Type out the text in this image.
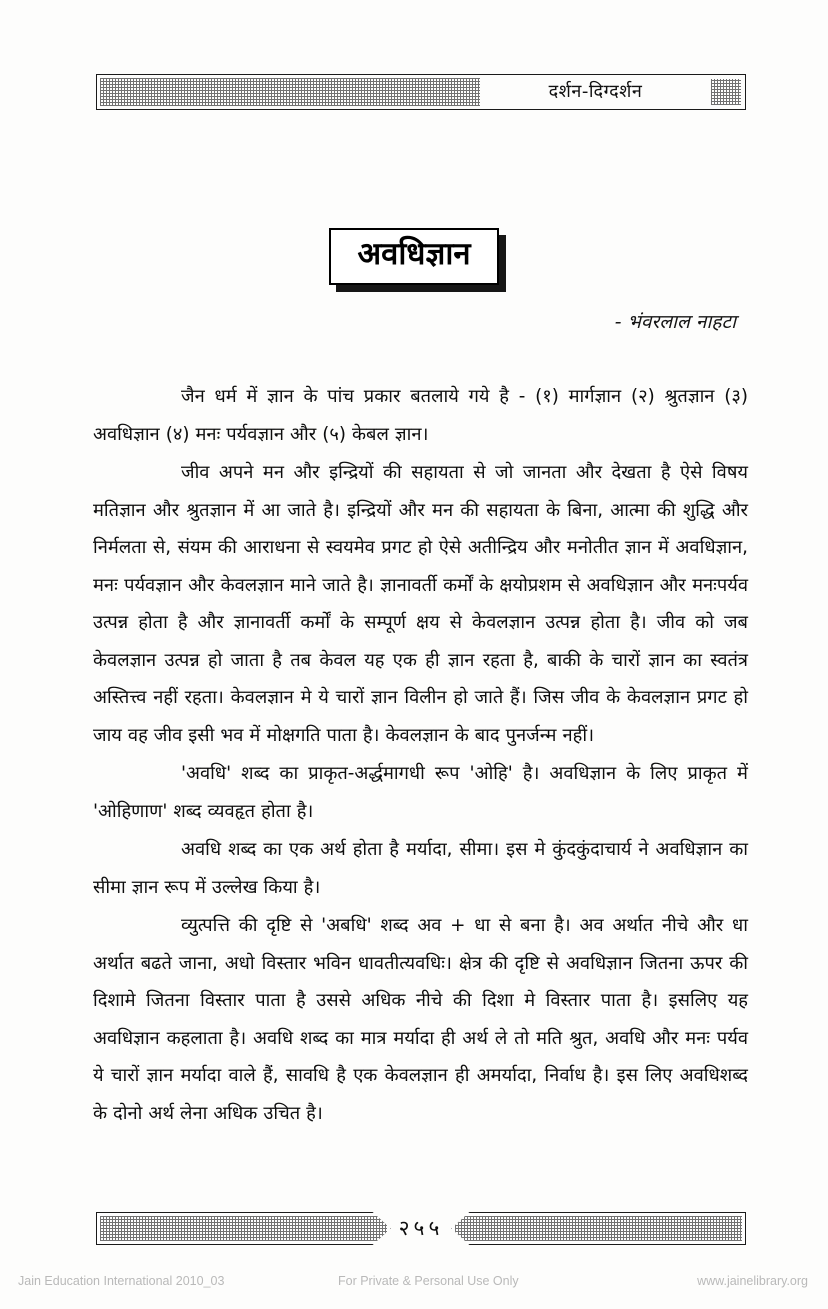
दर्शन-दिग्दर्शन
अवधिज्ञान
- भंवरलाल नाहटा

जैन धर्म में ज्ञान के पांच प्रकार बतलाये गये है - (१) मार्गज्ञान (२) श्रुतज्ञान (३) अवधिज्ञान (४) मनः पर्यवज्ञान और (५) केबल ज्ञान।

जीव अपने मन और इन्द्रियों की सहायता से जो जानता और देखता है ऐसे विषय मतिज्ञान और श्रुतज्ञान में आ जाते है। इन्द्रियों और मन की सहायता के बिना, आत्मा की शुद्धि और निर्मलता से, संयम की आराधना से स्वयमेव प्रगट हो ऐसे अतीन्द्रिय और मनोतीत ज्ञान में अवधिज्ञान, मनः पर्यवज्ञान और केवलज्ञान माने जाते है। ज्ञानावर्ती कर्मों के क्षयोप्रशम से अवधिज्ञान और मनःपर्यव उत्पन्न होता है और ज्ञानावर्ती कर्मों के सम्पूर्ण क्षय से केवलज्ञान उत्पन्न होता है। जीव को जब केवलज्ञान उत्पन्न हो जाता है तब केवल यह एक ही ज्ञान रहता है, बाकी के चारों ज्ञान का स्वतंत्र अस्तित्त्व नहीं रहता। केवलज्ञान मे ये चारों ज्ञान विलीन हो जाते हैं। जिस जीव के केवलज्ञान प्रगट हो जाय वह जीव इसी भव में मोक्षगति पाता है। केवलज्ञान के बाद पुनर्जन्म नहीं।

'अवधि' शब्द का प्राकृत-अर्द्धमागधी रूप 'ओहि' है। अवधिज्ञान के लिए प्राकृत में 'ओहिणाण' शब्द व्यवहृत होता है।

अवधि शब्द का एक अर्थ होता है मर्यादा, सीमा। इस मे कुंदकुंदाचार्य ने अवधिज्ञान का सीमा ज्ञान रूप में उल्लेख किया है।

व्युत्पत्ति की दृष्टि से 'अबधि' शब्द अव + धा से बना है। अव अर्थात नीचे और धा अर्थात बढते जाना, अधो विस्तार भविन धावतीत्यवधिः। क्षेत्र की दृष्टि से अवधिज्ञान जितना ऊपर की दिशामे जितना विस्तार पाता है उससे अधिक नीचे की दिशा मे विस्तार पाता है। इसलिए यह अवधिज्ञान कहलाता है। अवधि शब्द का मात्र मर्यादा ही अर्थ ले तो मति श्रुत, अवधि और मनः पर्यव ये चारों ज्ञान मर्यादा वाले हैं, सावधि है एक केवलज्ञान ही अमर्यादा, निर्वाध है। इस लिए अवधिशब्द के दोनो अर्थ लेना अधिक उचित है।

२५५
Jain Education International 2010_03	For Private & Personal Use Only	www.jainelibrary.org
